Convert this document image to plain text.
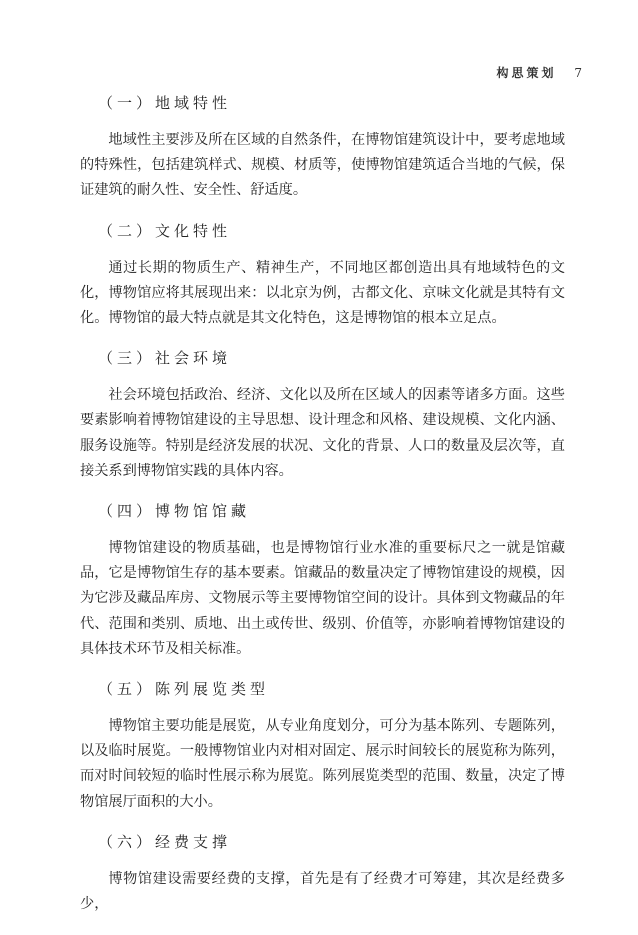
构思策划 7
（一）地域特性

地域性主要涉及所在区域的自然条件，在博物馆建筑设计中，要考虑地域的特殊性，包括建筑样式、规模、材质等，使博物馆建筑适合当地的气候，保证建筑的耐久性、安全性、舒适度。

（二）文化特性

通过长期的物质生产、精神生产，不同地区都创造出具有地域特色的文化，博物馆应将其展现出来：以北京为例，古都文化、京味文化就是其特有文化。博物馆的最大特点就是其文化特色，这是博物馆的根本立足点。

（三）社会环境

社会环境包括政治、经济、文化以及所在区域人的因素等诸多方面。这些要素影响着博物馆建设的主导思想、设计理念和风格、建设规模、文化内涵、服务设施等。特别是经济发展的状况、文化的背景、人口的数量及层次等，直接关系到博物馆实践的具体内容。

（四）博物馆馆藏

博物馆建设的物质基础，也是博物馆行业水准的重要标尺之一就是馆藏品，它是博物馆生存的基本要素。馆藏品的数量决定了博物馆建设的规模，因为它涉及藏品库房、文物展示等主要博物馆空间的设计。具体到文物藏品的年代、范围和类别、质地、出土或传世、级别、价值等，亦影响着博物馆建设的具体技术环节及相关标准。

（五）陈列展览类型

博物馆主要功能是展览，从专业角度划分，可分为基本陈列、专题陈列，以及临时展览。一般博物馆业内对相对固定、展示时间较长的展览称为陈列，而对时间较短的临时性展示称为展览。陈列展览类型的范围、数量，决定了博物馆展厅面积的大小。

（六）经费支撑

博物馆建设需要经费的支撑，首先是有了经费才可筹建，其次是经费多少，
